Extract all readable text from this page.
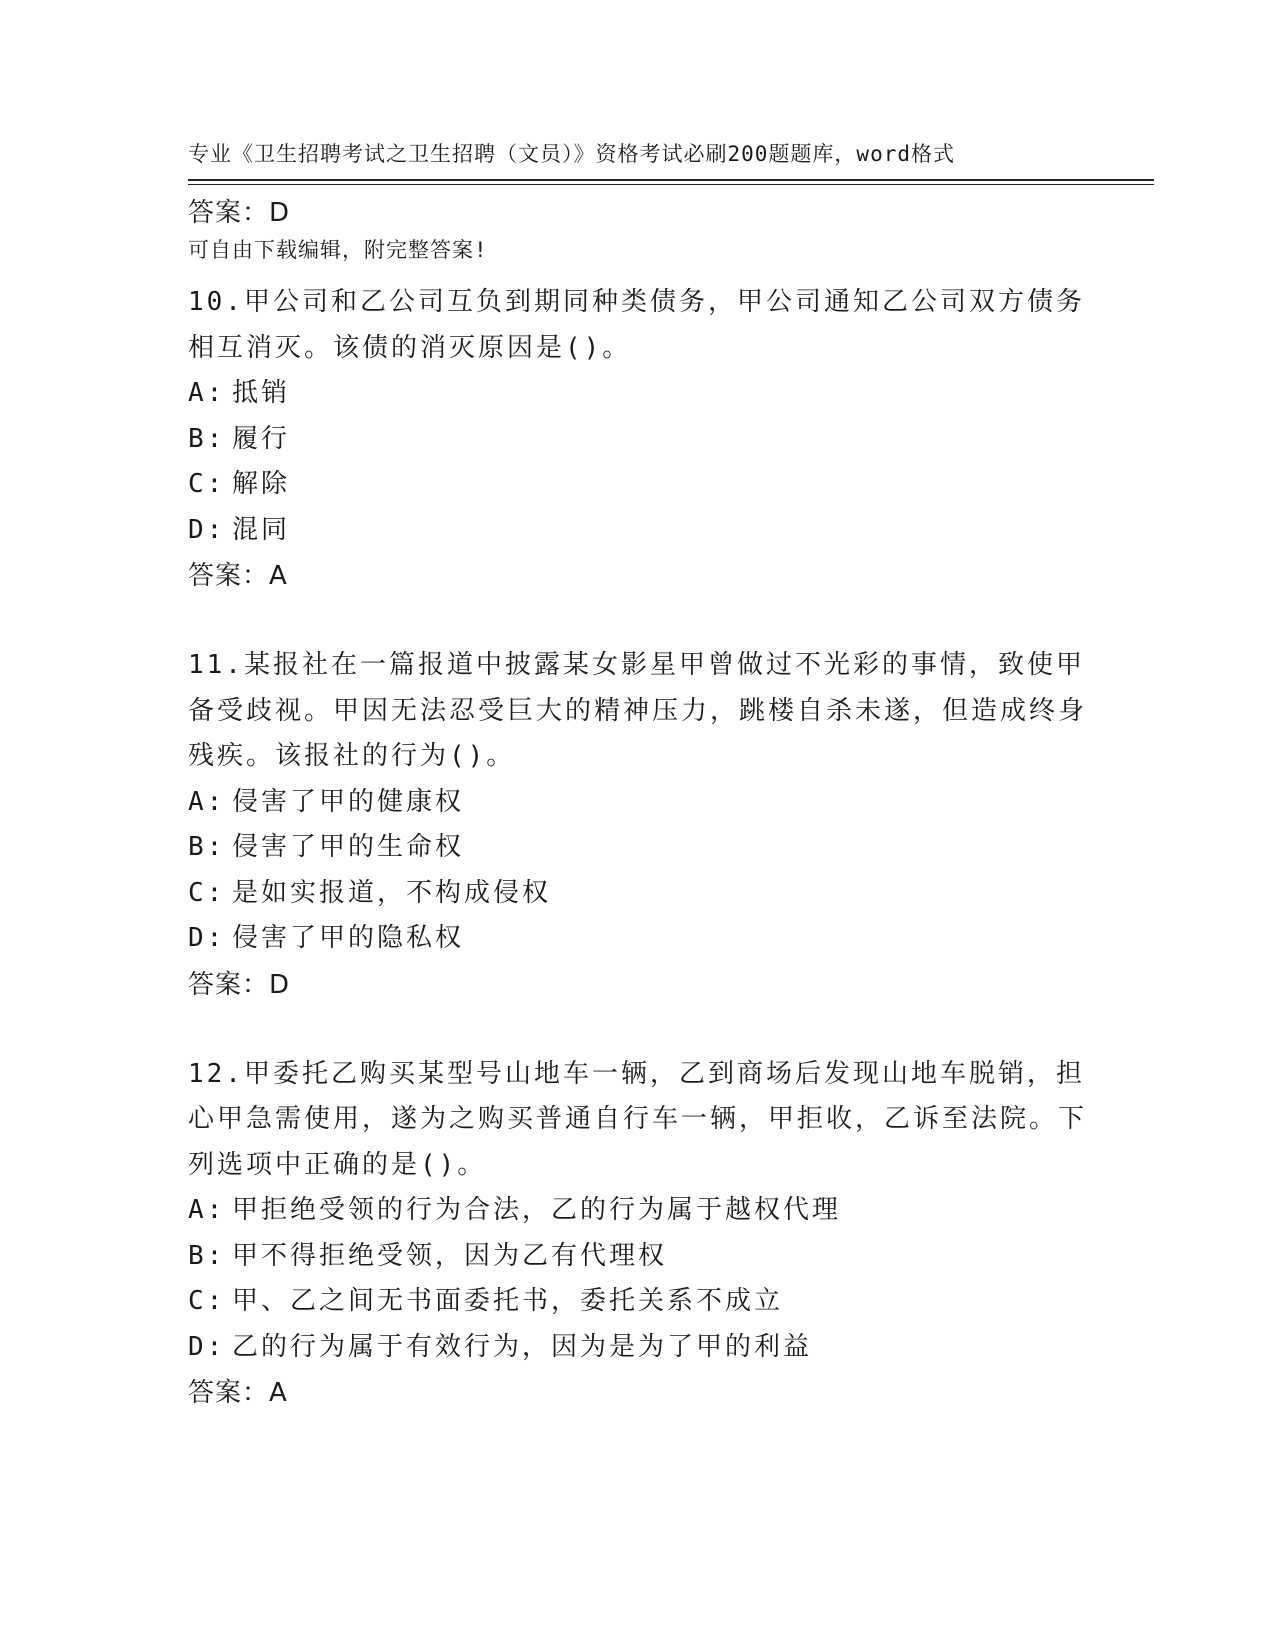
专业《卫生招聘考试之卫生招聘（文员）》资格考试必刷200题题库，word格式

可自由下载编辑，附完整答案!

答案：D

10.甲公司和乙公司互负到期同种类债务，甲公司通知乙公司双方债务相互消灭。该债的消灭原因是()。

A: 抵销
B: 履行
C: 解除
D: 混同

答案：A

11.某报社在一篇报道中披露某女影星甲曾做过不光彩的事情，致使甲备受歧视。甲因无法忍受巨大的精神压力，跳楼自杀未遂，但造成终身残疾。该报社的行为()。

A: 侵害了甲的健康权
B: 侵害了甲的生命权
C: 是如实报道，不构成侵权
D: 侵害了甲的隐私权

答案：D

12.甲委托乙购买某型号山地车一辆，乙到商场后发现山地车脱销，担心甲急需使用，遂为之购买普通自行车一辆，甲拒收，乙诉至法院。下列选项中正确的是()。

A: 甲拒绝受领的行为合法，乙的行为属于越权代理
B: 甲不得拒绝受领，因为乙有代理权
C: 甲、乙之间无书面委托书，委托关系不成立
D: 乙的行为属于有效行为，因为是为了甲的利益

答案：A
